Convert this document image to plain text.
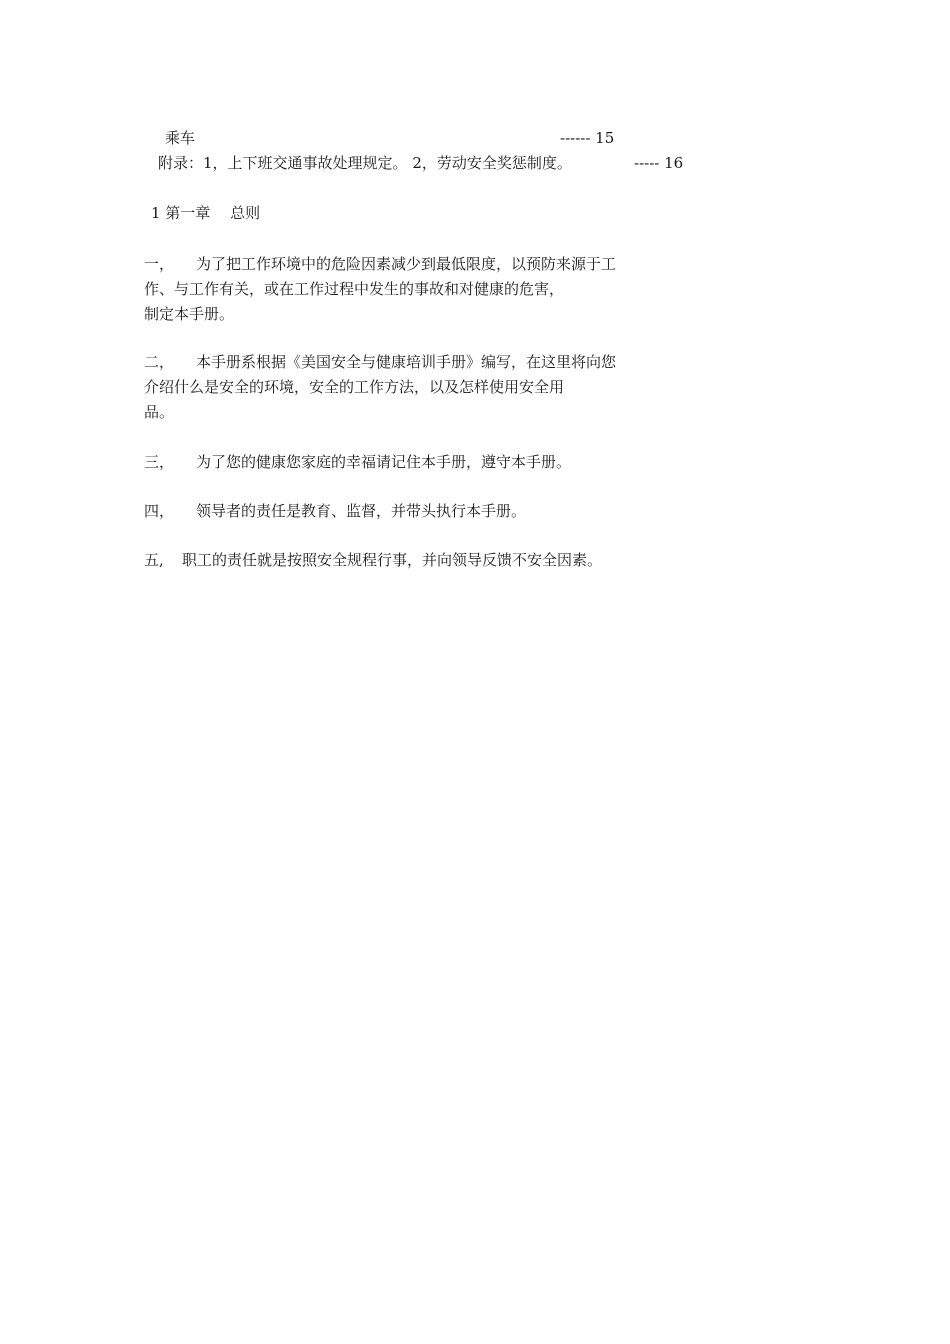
乘车	------ 15
附录：1，上下班交通事故处理规定。 2，劳动安全奖惩制度。	----- 16
1 第一章　 总则
一， 为了把工作环境中的危险因素减少到最低限度，以预防来源于工
作、与工作有关，或在工作过程中发生的事故和对健康的危害，
制定本手册。
二， 本手册系根据《美国安全与健康培训手册》编写，在这里将向您
介绍什么是安全的环境，安全的工作方法，以及怎样使用安全用
品。
三， 为了您的健康您家庭的幸福请记住本手册，遵守本手册。
四， 领导者的责任是教育、监督，并带头执行本手册。
五, 职工的责任就是按照安全规程行事，并向领导反馈不安全因素。
